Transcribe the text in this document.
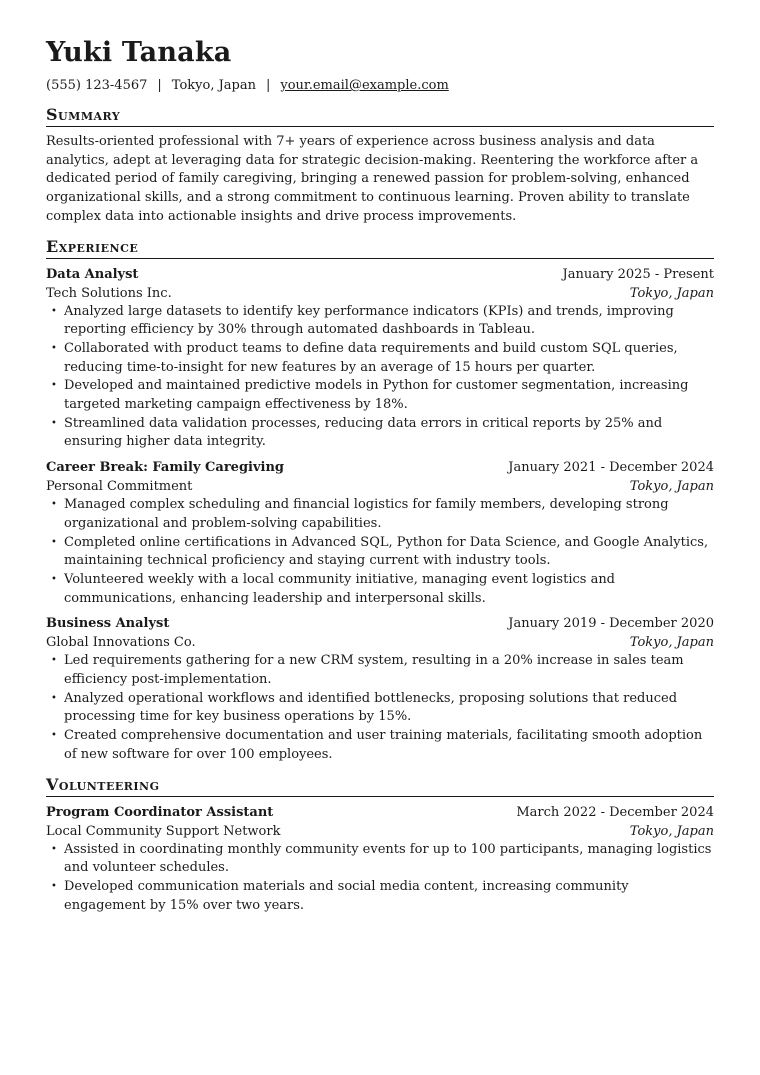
Yuki Tanaka
(555) 123-4567 | Tokyo, Japan | your.email@example.com
Summary
Results-oriented professional with 7+ years of experience across business analysis and data analytics, adept at leveraging data for strategic decision-making. Reentering the workforce after a dedicated period of family caregiving, bringing a renewed passion for problem-solving, enhanced organizational skills, and a strong commitment to continuous learning. Proven ability to translate complex data into actionable insights and drive process improvements.
Experience
Data Analyst	January 2025 - Present
Tech Solutions Inc.	Tokyo, Japan
• Analyzed large datasets to identify key performance indicators (KPIs) and trends, improving reporting efficiency by 30% through automated dashboards in Tableau.
• Collaborated with product teams to define data requirements and build custom SQL queries, reducing time-to-insight for new features by an average of 15 hours per quarter.
• Developed and maintained predictive models in Python for customer segmentation, increasing targeted marketing campaign effectiveness by 18%.
• Streamlined data validation processes, reducing data errors in critical reports by 25% and ensuring higher data integrity.
Career Break: Family Caregiving	January 2021 - December 2024
Personal Commitment	Tokyo, Japan
• Managed complex scheduling and financial logistics for family members, developing strong organizational and problem-solving capabilities.
• Completed online certifications in Advanced SQL, Python for Data Science, and Google Analytics, maintaining technical proficiency and staying current with industry tools.
• Volunteered weekly with a local community initiative, managing event logistics and communications, enhancing leadership and interpersonal skills.
Business Analyst	January 2019 - December 2020
Global Innovations Co.	Tokyo, Japan
• Led requirements gathering for a new CRM system, resulting in a 20% increase in sales team efficiency post-implementation.
• Analyzed operational workflows and identified bottlenecks, proposing solutions that reduced processing time for key business operations by 15%.
• Created comprehensive documentation and user training materials, facilitating smooth adoption of new software for over 100 employees.
Volunteering
Program Coordinator Assistant	March 2022 - December 2024
Local Community Support Network	Tokyo, Japan
• Assisted in coordinating monthly community events for up to 100 participants, managing logistics and volunteer schedules.
• Developed communication materials and social media content, increasing community engagement by 15% over two years.
